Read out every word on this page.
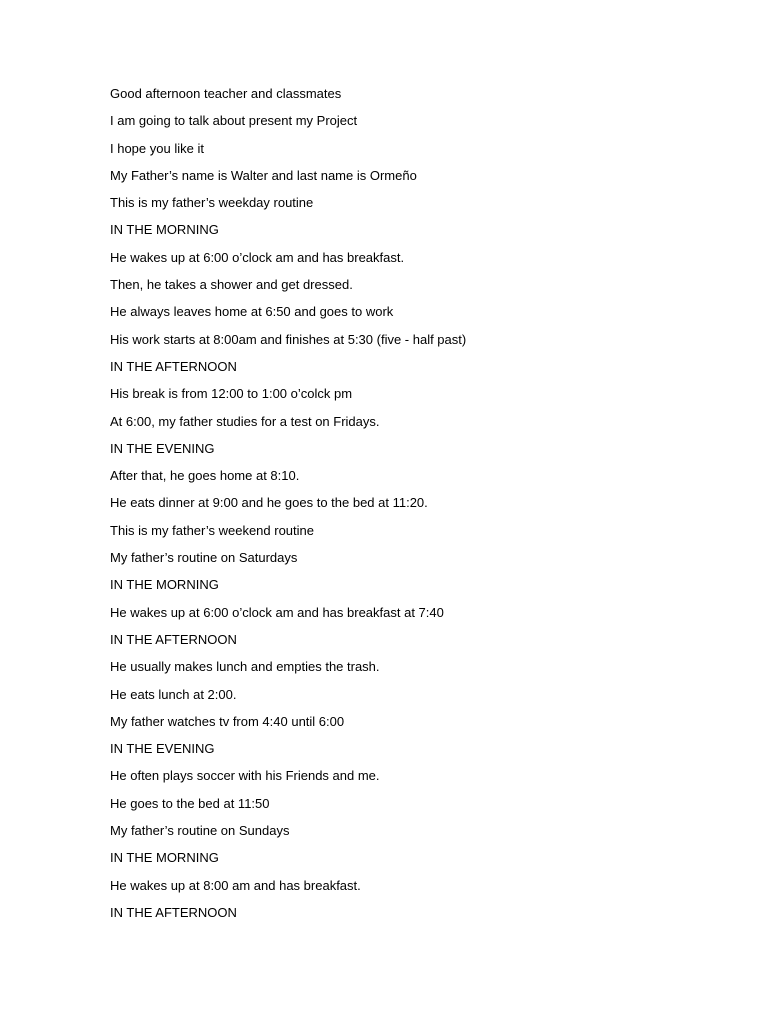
Good afternoon teacher and classmates
I am going to talk about present my Project
I hope you like it
My Father’s name is Walter and last name is Ormeño
This is my father’s weekday routine
IN THE MORNING
He wakes up at 6:00 o’clock am and has breakfast.
Then, he takes a shower and get dressed.
He always leaves home at 6:50 and goes to work
His work starts at 8:00am and finishes at 5:30 (five - half past)
IN THE AFTERNOON
His break is from 12:00 to 1:00 o’colck pm
At 6:00, my father studies for a test on Fridays.
IN THE EVENING
After that, he goes home at 8:10.
He eats dinner at 9:00 and he goes to the bed at 11:20.
This is my father’s weekend routine
My father’s routine on Saturdays
IN THE MORNING
He wakes up at 6:00 o’clock am and has breakfast at 7:40
IN THE AFTERNOON
He usually makes lunch and empties the trash.
He eats lunch at 2:00.
My father watches tv from 4:40 until 6:00
IN THE EVENING
He often plays soccer with his Friends and me.
He goes to the bed at 11:50
My father’s routine on Sundays
IN THE MORNING
He wakes up at 8:00 am and has breakfast.
IN THE AFTERNOON
